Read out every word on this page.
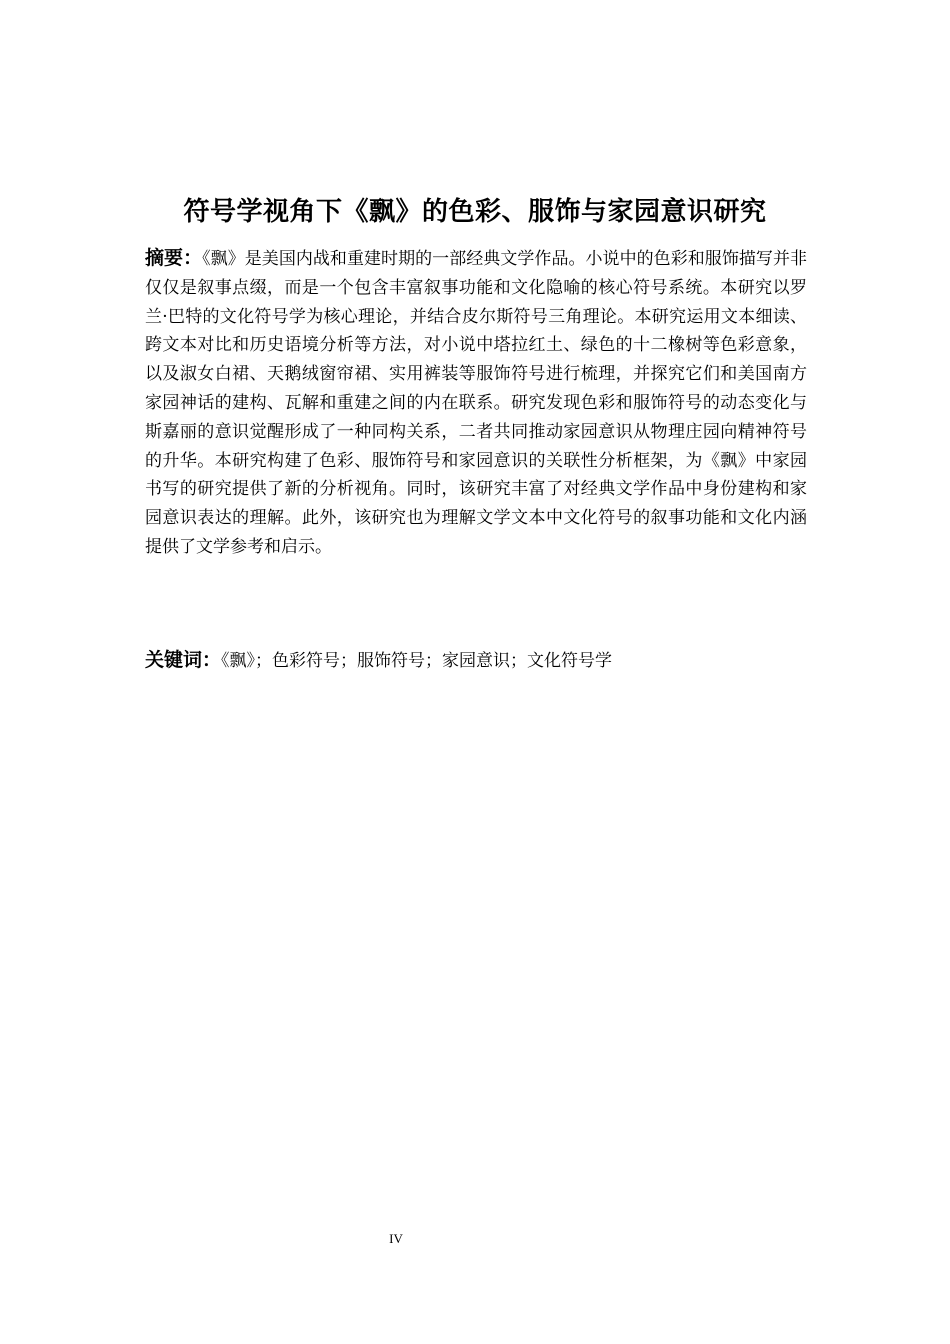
符号学视角下《飘》的色彩、服饰与家园意识研究
摘要：《飘》是美国内战和重建时期的一部经典文学作品。小说中的色彩和服饰描写并非仅仅是叙事点缀，而是一个包含丰富叙事功能和文化隐喻的核心符号系统。本研究以罗兰·巴特的文化符号学为核心理论，并结合皮尔斯符号三角理论。本研究运用文本细读、跨文本对比和历史语境分析等方法，对小说中塔拉红土、绿色的十二橡树等色彩意象，以及淑女白裙、天鹅绒窗帘裙、实用裤装等服饰符号进行梳理，并探究它们和美国南方家园神话的建构、瓦解和重建之间的内在联系。研究发现色彩和服饰符号的动态变化与斯嘉丽的意识觉醒形成了一种同构关系，二者共同推动家园意识从物理庄园向精神符号的升华。本研究构建了色彩、服饰符号和家园意识的关联性分析框架，为《飘》中家园书写的研究提供了新的分析视角。同时，该研究丰富了对经典文学作品中身份建构和家园意识表达的理解。此外，该研究也为理解文学文本中文化符号的叙事功能和文化内涵提供了文学参考和启示。
关键词：《飘》；色彩符号；服饰符号；家园意识；文化符号学
IV
